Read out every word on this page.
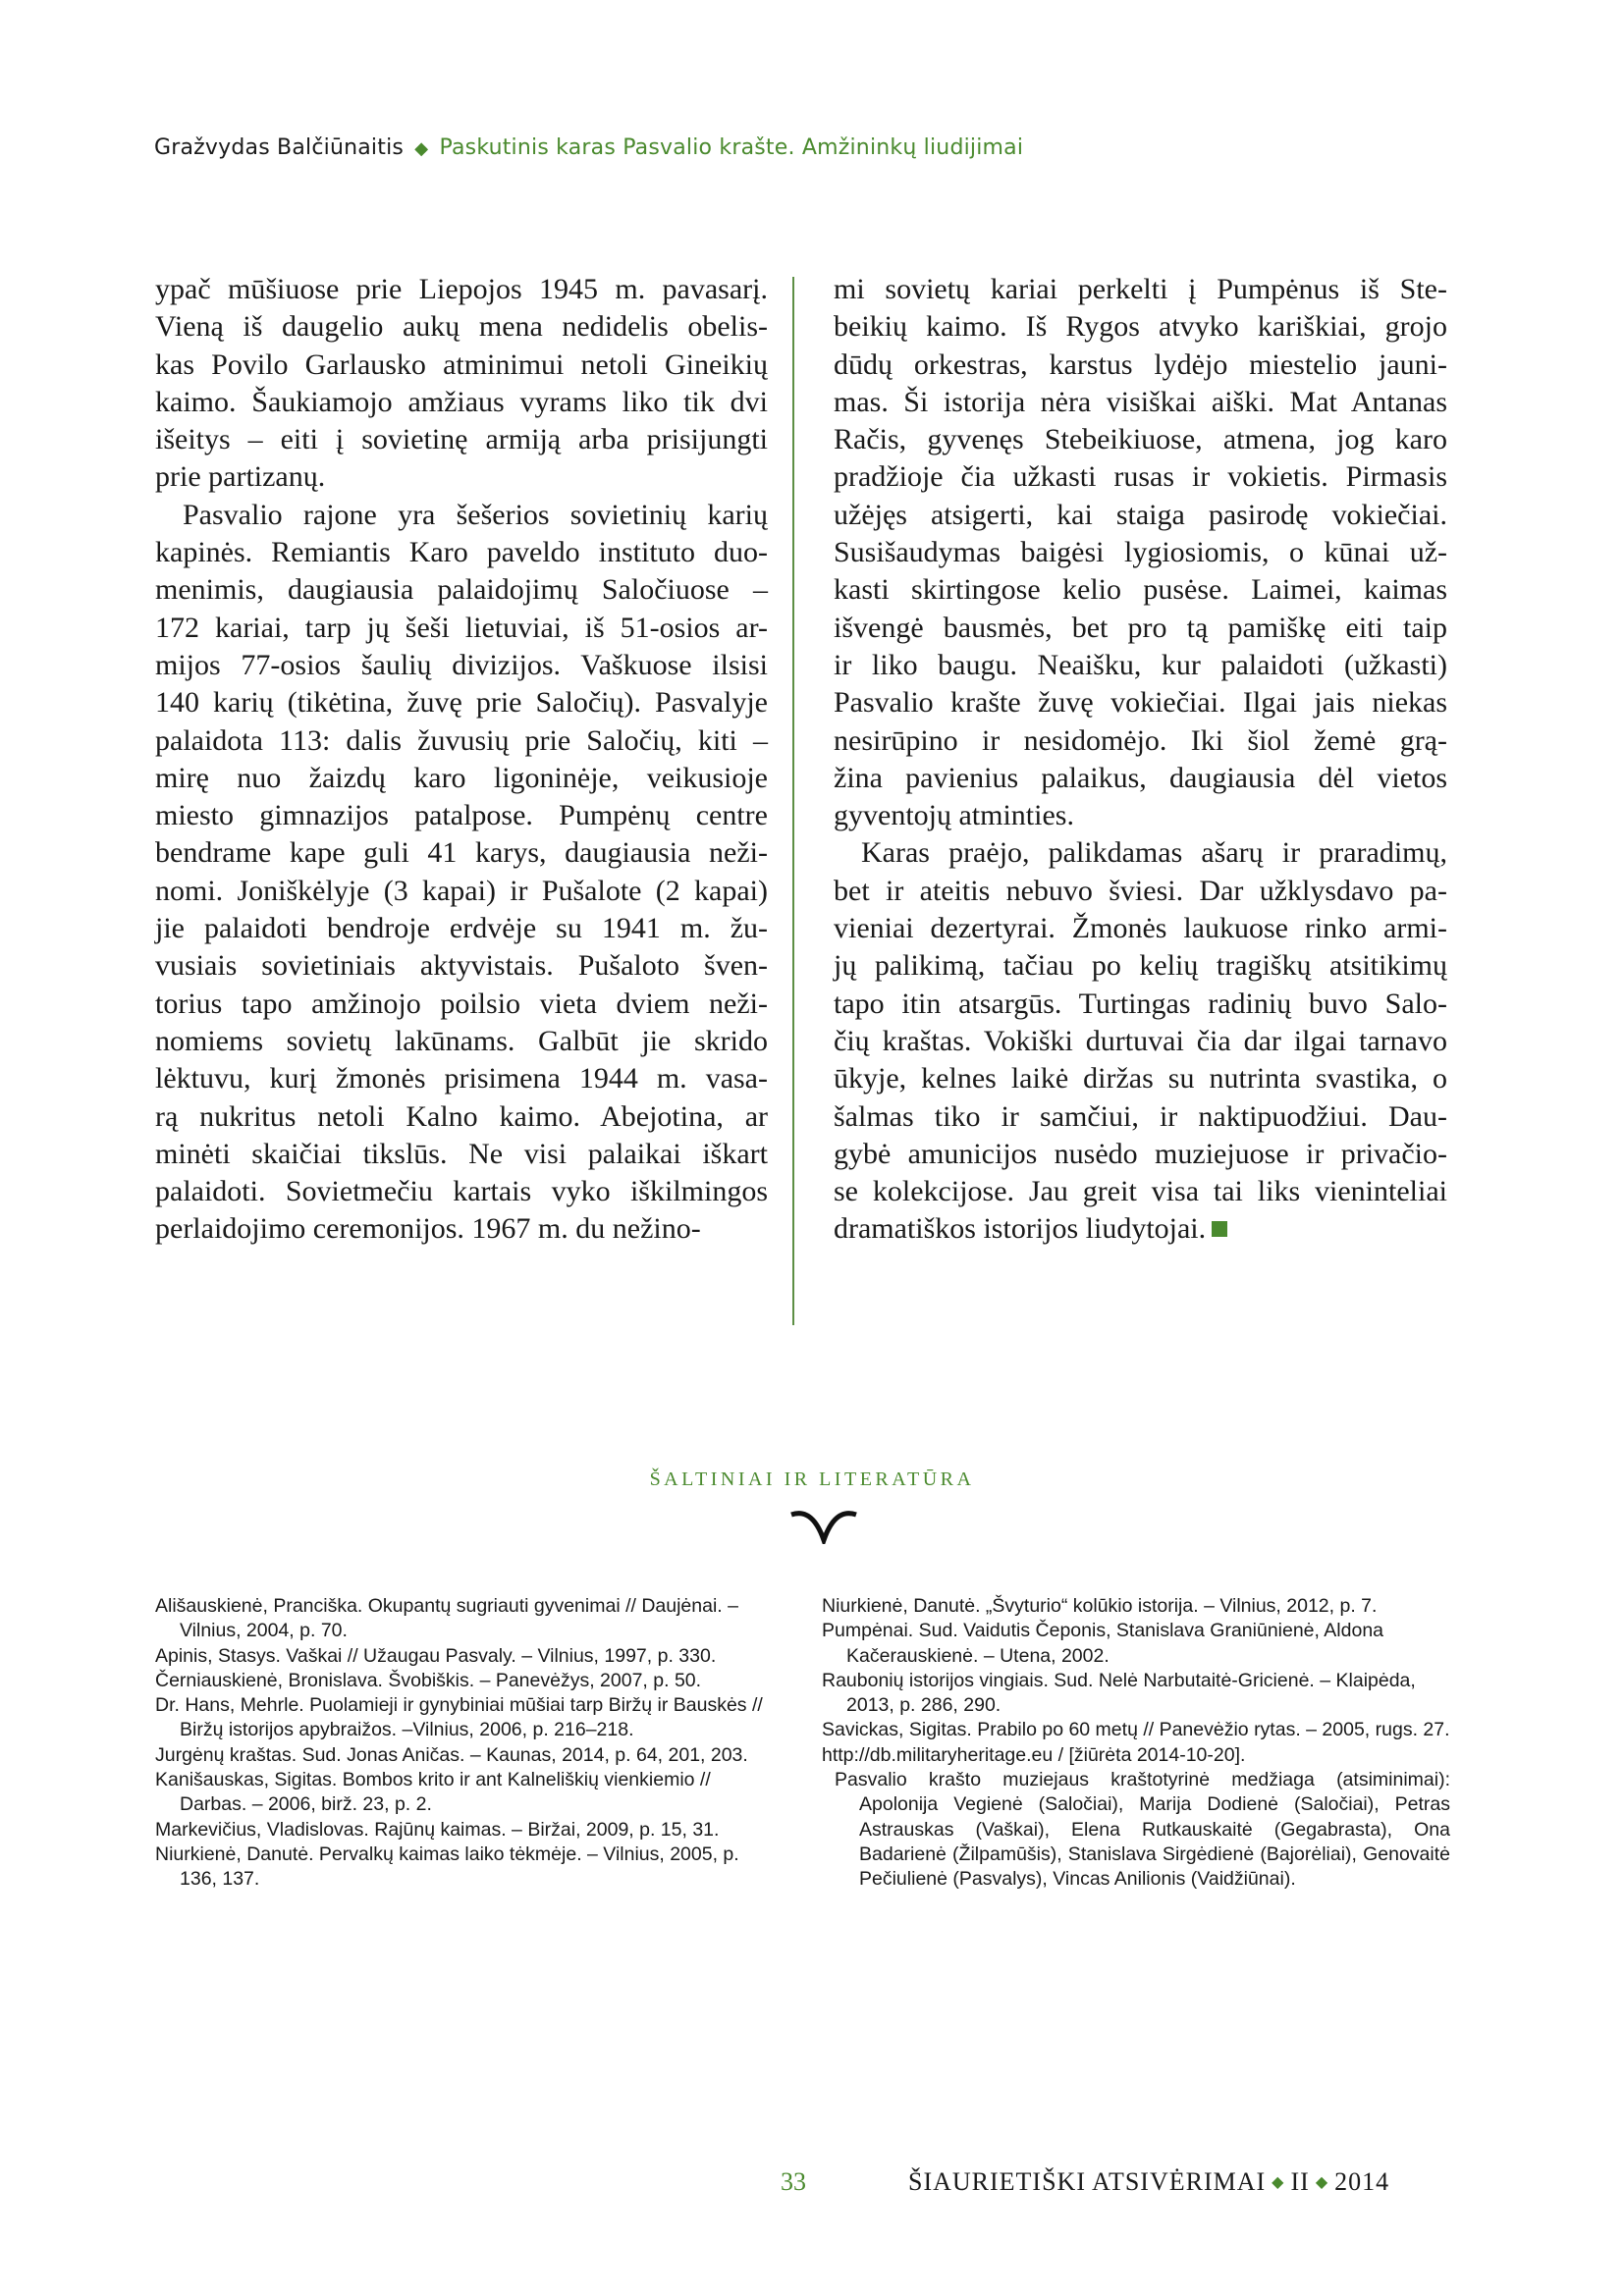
Gražvydas Balčiūnaitis ◆ Paskutinis karas Pasvalio krašte. Amžininkų liudijimai

ypač mūšiuose prie Liepojos 1945 m. pavasarį.
Vieną iš daugelio aukų mena nedidelis obelis-
kas Povilo Garlausko atminimui netoli Gineikių
kaimo. Šaukiamojo amžiaus vyrams liko tik dvi
išeitys – eiti į sovietinę armiją arba prisijungti
prie partizanų.

Pasvalio rajone yra šešerios sovietinių karių
kapinės. Remiantis Karo paveldo instituto duo-
menimis, daugiausia palaidojimų Saločiuose –
172 kariai, tarp jų šeši lietuviai, iš 51-osios ar-
mijos 77-osios šaulių divizijos. Vaškuose ilsisi
140 karių (tikėtina, žuvę prie Saločių). Pasvalyje
palaidota 113: dalis žuvusių prie Saločių, kiti –
mirę nuo žaizdų karo ligoninėje, veikusioje
miesto gimnazijos patalpose. Pumpėnų centre
bendrame kape guli 41 karys, daugiausia neži-
nomi. Joniškėlyje (3 kapai) ir Pušalote (2 kapai)
jie palaidoti bendroje erdvėje su 1941 m. žu-
vusiais sovietiniais aktyvistais. Pušaloto šven-
torius tapo amžinojo poilsio vieta dviem neži-
nomiems sovietų lakūnams. Galbūt jie skrido
lėktuvu, kurį žmonės prisimena 1944 m. vasa-
rą nukritus netoli Kalno kaimo. Abejotina, ar
minėti skaičiai tikslūs. Ne visi palaikai iškart
palaidoti. Sovietmečiu kartais vyko iškilmingos
perlaidojimo ceremonijos. 1967 m. du nežino-

mi sovietų kariai perkelti į Pumpėnus iš Ste-
beikių kaimo. Iš Rygos atvyko kariškiai, grojo
dūdų orkestras, karstus lydėjo miestelio jauni-
mas. Ši istorija nėra visiškai aiški. Mat Antanas
Račis, gyvenęs Stebeikiuose, atmena, jog karo
pradžioje čia užkasti rusas ir vokietis. Pirmasis
užėjęs atsigerti, kai staiga pasirodę vokiečiai.
Susišaudymas baigėsi lygiosiomis, o kūnai už-
kasti skirtingose kelio pusėse. Laimei, kaimas
išvengė bausmės, bet pro tą pamiškę eiti taip
ir liko baugu. Neaišku, kur palaidoti (užkasti)
Pasvalio krašte žuvę vokiečiai. Ilgai jais niekas
nesirūpino ir nesidomėjo. Iki šiol žemė grą-
žina pavienius palaikus, daugiausia dėl vietos
gyventojų atminties.

Karas praėjo, palikdamas ašarų ir praradimų,
bet ir ateitis nebuvo šviesi. Dar užklysdavo pa-
vieniai dezertyrai. Žmonės laukuose rinko armi-
jų palikimą, tačiau po kelių tragiškų atsitikimų
tapo itin atsargūs. Turtingas radinių buvo Salo-
čių kraštas. Vokiški durtuvai čia dar ilgai tarnavo
ūkyje, kelnes laikė diržas su nutrinta svastika, o
šalmas tiko ir samčiui, ir naktipuodžiui. Dau-
gybė amunicijos nusėdo muziejuose ir privačio-
se kolekcijose. Jau greit visa tai liks vieninteliai
dramatiškos istorijos liudytojai.

ŠALTINIAI IR LITERATŪRA

Ališauskienė, Pranciška. Okupantų sugriauti gyvenimai // Daujėnai. – Vilnius, 2004, p. 70.

Apinis, Stasys. Vaškai // Užaugau Pasvaly. – Vilnius, 1997, p. 330.

Černiauskienė, Bronislava. Švobiškis. – Panevėžys, 2007, p. 50.

Dr. Hans, Mehrle. Puolamieji ir gynybiniai mūšiai tarp Biržų ir Bauskės // Biržų istorijos apybraižos. –Vilnius, 2006, p. 216–218.

Jurgėnų kraštas. Sud. Jonas Aničas. – Kaunas, 2014, p. 64, 201, 203.

Kanišauskas, Sigitas. Bombos krito ir ant Kalneliškių vienkiemio // Darbas. – 2006, birž. 23, p. 2.

Markevičius, Vladislovas. Rajūnų kaimas. – Biržai, 2009, p. 15, 31.

Niurkienė, Danutė. Pervalkų kaimas laiko tėkmėje. – Vilnius, 2005, p. 136, 137.

Niurkienė, Danutė. „Švyturio“ kolūkio istorija. – Vilnius, 2012, p. 7.

Pumpėnai. Sud. Vaidutis Čeponis, Stanislava Graniūnienė, Aldona Kačerauskienė. – Utena, 2002.

Raubonių istorijos vingiais. Sud. Nelė Narbutaitė-Gricienė. – Klaipėda, 2013, p. 286, 290.

Savickas, Sigitas. Prabilo po 60 metų // Panevėžio rytas. – 2005, rugs. 27.

http://db.militaryheritage.eu / [žiūrėta 2014-10-20].

Pasvalio krašto muziejaus kraštotyrinė medžiaga (atsiminimai): Apolonija Vegienė (Saločiai), Marija Dodienė (Saločiai), Petras Astrauskas (Vaškai), Elena Rutkauskaitė (Gegabrasta), Ona Badarienė (Žilpamūšis), Stanislava Sirgėdienė (Bajorėliai), Genovaitė Pečiulienė (Pasvalys), Vincas Anilionis (Vaidžiūnai).

33	ŠIAURIETIŠKI ATSIVĖRIMAI ◆ II ◆ 2014
